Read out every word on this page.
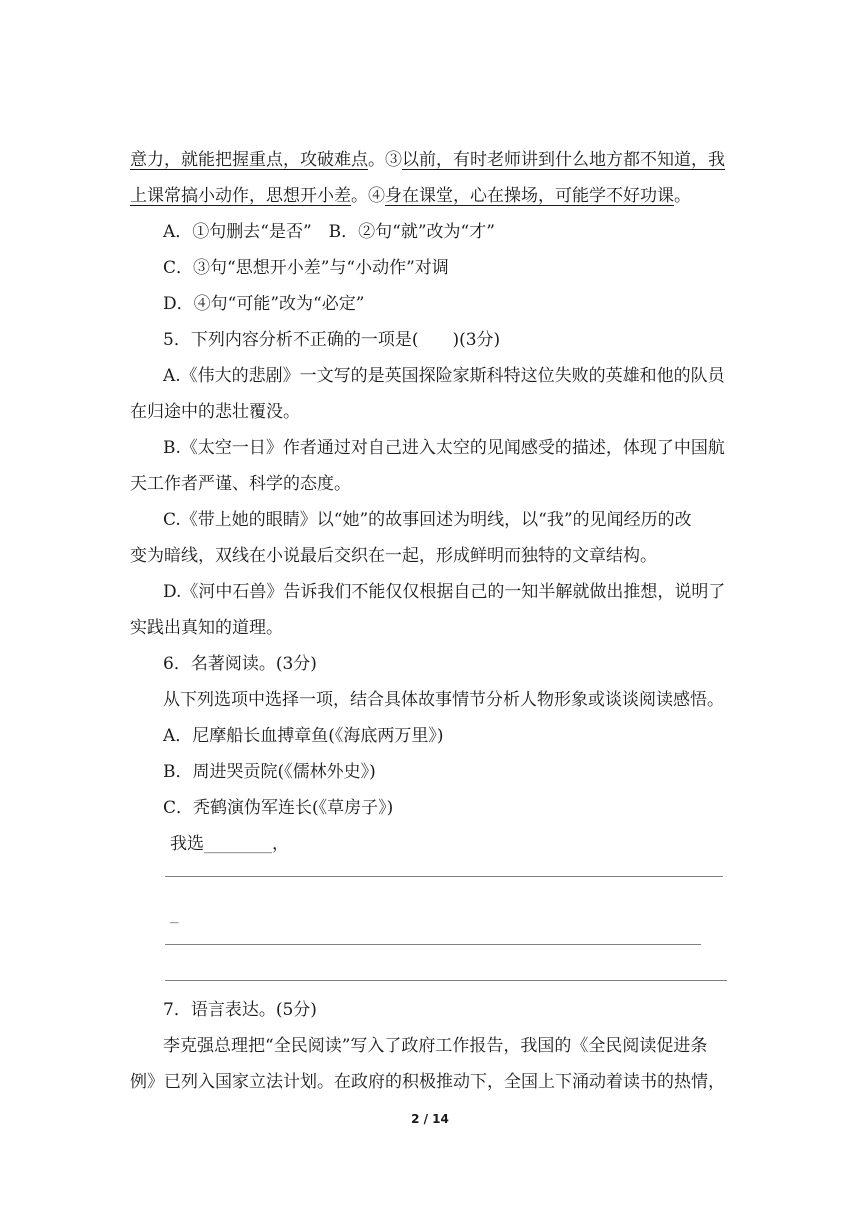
意力，就能把握重点，攻破难点。③以前，有时老师讲到什么地方都不知道，我
上课常搞小动作，思想开小差。④身在课堂，心在操场，可能学不好功课。
A．①句删去“是否”　B．②句“就”改为“才”
C．③句“思想开小差”与“小动作”对调
D．④句“可能”改为“必定”
5．下列内容分析不正确的一项是(　　)(3分)
A.《伟大的悲剧》一文写的是英国探险家斯科特这位失败的英雄和他的队员
在归途中的悲壮覆没。
B.《太空一日》作者通过对自己进入太空的见闻感受的描述，体现了中国航
天工作者严谨、科学的态度。
C.《带上她的眼睛》以“她”的故事回述为明线，以“我”的见闻经历的改
变为暗线，双线在小说最后交织在一起，形成鲜明而独特的文章结构。
D.《河中石兽》告诉我们不能仅仅根据自己的一知半解就做出推想，说明了
实践出真知的道理。
6．名著阅读。(3分)
从下列选项中选择一项，结合具体故事情节分析人物形象或谈谈阅读感悟。
A．尼摩船长血搏章鱼(《海底两万里》)
B．周进哭贡院(《儒林外史》)
C．秃鹤演伪军连长(《草房子》)
我选________，
_
7．语言表达。(5分)
李克强总理把“全民阅读”写入了政府工作报告，我国的《全民阅读促进条
例》已列入国家立法计划。在政府的积极推动下，全国上下涌动着读书的热情，
2 / 14
